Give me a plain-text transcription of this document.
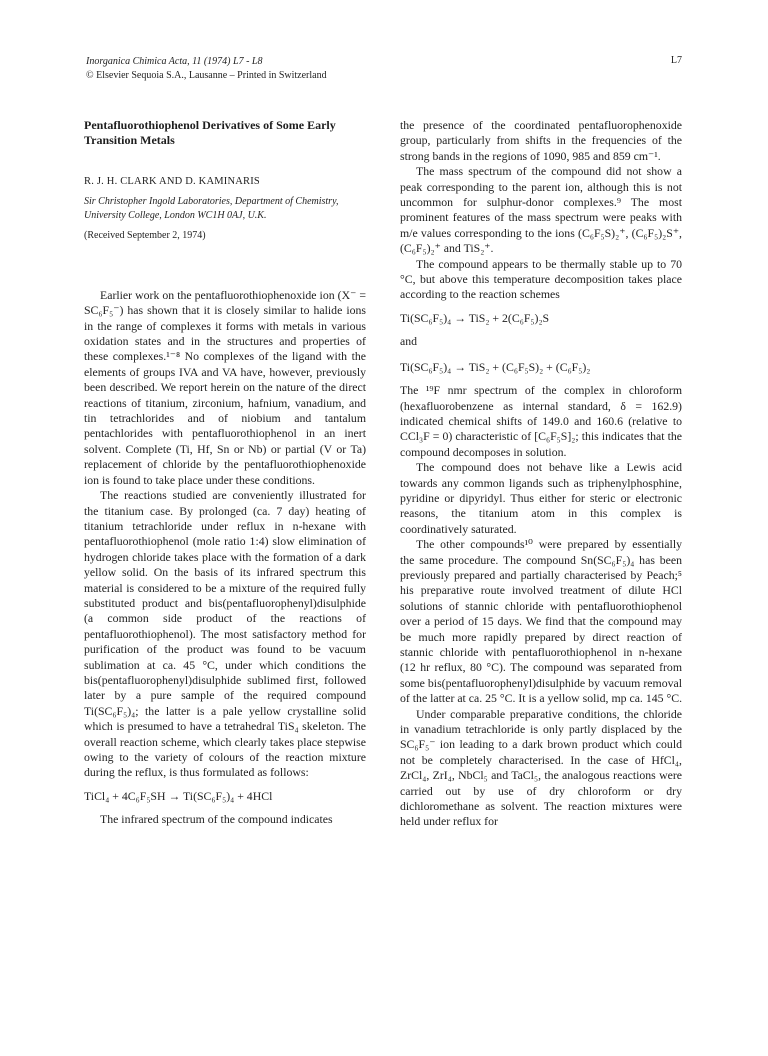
Inorganica Chimica Acta, 11 (1974) L7 - L8
© Elsevier Sequoia S.A., Lausanne – Printed in Switzerland
L7
Pentafluorothiophenol Derivatives of Some Early Transition Metals
R. J. H. CLARK AND D. KAMINARIS
Sir Christopher Ingold Laboratories, Department of Chemistry, University College, London WC1H 0AJ, U.K.
(Received September 2, 1974)

Earlier work on the pentafluorothiophenoxide ion (X⁻ = SC₆F₅⁻) has shown that it is closely similar to halide ions in the range of complexes it forms with metals in various oxidation states and in the structures and properties of these complexes.¹⁻⁸ No complexes of the ligand with the elements of groups IVA and VA have, however, previously been described. We report herein on the nature of the direct reactions of titanium, zirconium, hafnium, vanadium, and tin tetrachlorides and of niobium and tantalum pentachlorides with pentafluorothiophenol in an inert solvent. Complete (Ti, Hf, Sn or Nb) or partial (V or Ta) replacement of chloride by the pentafluorothiophenoxide ion is found to take place under these conditions.

The reactions studied are conveniently illustrated for the titanium case. By prolonged (ca. 7 day) heating of titanium tetrachloride under reflux in n-hexane with pentafluorothiophenol (mole ratio 1:4) slow elimination of hydrogen chloride takes place with the formation of a dark yellow solid. On the basis of its infrared spectrum this material is considered to be a mixture of the required fully substituted product and bis(pentafluorophenyl)disulphide (a common side product of the reactions of pentafluorothiophenol). The most satisfactory method for purification of the product was found to be vacuum sublimation at ca. 45 °C, under which conditions the bis(pentafluorophenyl)disulphide sublimed first, followed later by a pure sample of the required compound Ti(SC₆F₅)₄; the latter is a pale yellow crystalline solid which is presumed to have a tetrahedral TiS₄ skeleton. The overall reaction scheme, which clearly takes place stepwise owing to the variety of colours of the reaction mixture during the reflux, is thus formulated as follows:

TiCl₄ + 4C₆F₅SH → Ti(SC₆F₅)₄ + 4HCl

The infrared spectrum of the compound indicates

the presence of the coordinated pentafluorophenoxide group, particularly from shifts in the frequencies of the strong bands in the regions of 1090, 985 and 859 cm⁻¹.

The mass spectrum of the compound did not show a peak corresponding to the parent ion, although this is not uncommon for sulphur-donor complexes.⁹ The most prominent features of the mass spectrum were peaks with m/e values corresponding to the ions (C₆F₅S)₂⁺, (C₆F₅)₂S⁺, (C₆F₅)₂⁺ and TiS₂⁺.

The compound appears to be thermally stable up to 70 °C, but above this temperature decomposition takes place according to the reaction schemes

Ti(SC₆F₅)₄ → TiS₂ + 2(C₆F₅)₂S
and
Ti(SC₆F₅)₄ → TiS₂ + (C₆F₅S)₂ + (C₆F₅)₂

The ¹⁹F nmr spectrum of the complex in chloroform (hexafluorobenzene as internal standard, δ = 162.9) indicated chemical shifts of 149.0 and 160.6 (relative to CCl₃F = 0) characteristic of [C₆F₅S]₂; this indicates that the compound decomposes in solution.

The compound does not behave like a Lewis acid towards any common ligands such as triphenylphosphine, pyridine or dipyridyl. Thus either for steric or electronic reasons, the titanium atom in this complex is coordinatively saturated.

The other compounds¹⁰ were prepared by essentially the same procedure. The compound Sn(SC₆F₅)₄ has been previously prepared and partially characterised by Peach;⁵ his preparative route involved treatment of dilute HCl solutions of stannic chloride with pentafluorothiophenol over a period of 15 days. We find that the compound may be much more rapidly prepared by direct reaction of stannic chloride with pentafluorothiophenol in n-hexane (12 hr reflux, 80 °C). The compound was separated from some bis(pentafluorophenyl)disulphide by vacuum removal of the latter at ca. 25 °C. It is a yellow solid, mp ca. 145 °C.

Under comparable preparative conditions, the chloride in vanadium tetrachloride is only partly displaced by the SC₆F₅⁻ ion leading to a dark brown product which could not be completely characterised. In the case of HfCl₄, ZrCl₄, ZrI₄, NbCl₅ and TaCl₅, the analogous reactions were carried out by use of dry chloroform or dry dichloromethane as solvent. The reaction mixtures were held under reflux for
